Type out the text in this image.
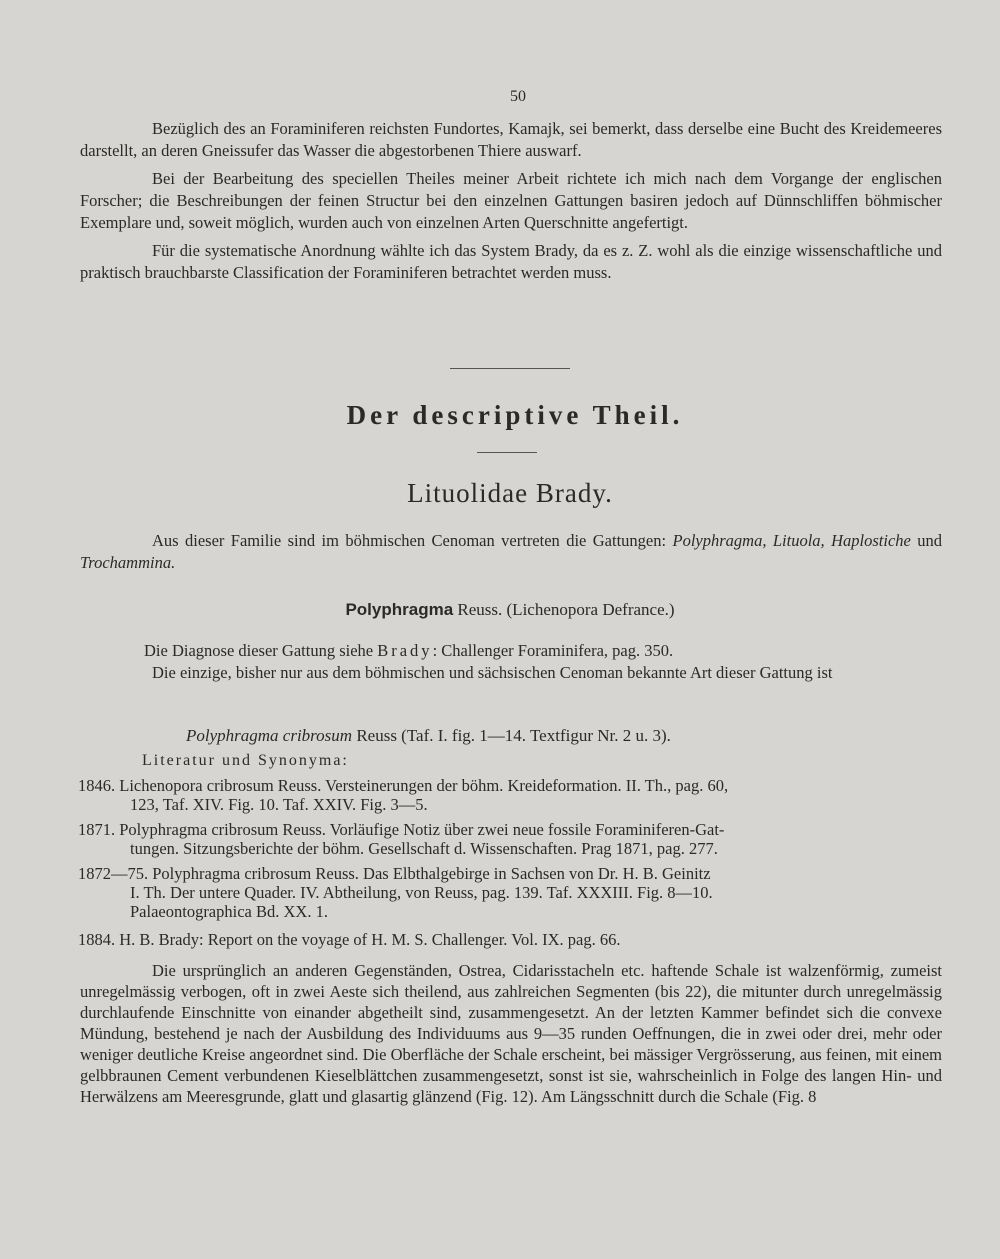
50

Bezüglich des an Foraminiferen reichsten Fundortes, Kamajk, sei bemerkt, dass derselbe eine Bucht des Kreidemeeres darstellt, an deren Gneissufer das Wasser die abgestorbenen Thiere auswarf.

Bei der Bearbeitung des speciellen Theiles meiner Arbeit richtete ich mich nach dem Vorgange der englischen Forscher; die Beschreibungen der feinen Structur bei den einzelnen Gattungen basiren jedoch auf Dünnschliffen böhmischer Exemplare und, soweit möglich, wurden auch von einzelnen Arten Querschnitte angefertigt.

Für die systematische Anordnung wählte ich das System Brady, da es z. Z. wohl als die einzige wissenschaftliche und praktisch brauchbarste Classification der Foraminiferen betrachtet werden muss.

Der descriptive Theil.
Lituolidae Brady.

Aus dieser Familie sind im böhmischen Cenoman vertreten die Gattungen: Polyphragma, Lituola, Haplostiche und Trochammina.

Polyphragma Reuss. (Lichenopora Defrance.)

Die Diagnose dieser Gattung siehe Brady: Challenger Foraminifera, pag. 350.

Die einzige, bisher nur aus dem böhmischen und sächsischen Cenoman bekannte Art dieser Gattung ist

Polyphragma cribrosum Reuss (Taf. I. fig. 1—14. Textfigur Nr. 2 u. 3).
Literatur und Synonyma:
1846. Lichenopora cribrosum Reuss. Versteinerungen der böhm. Kreideformation. II. Th., pag. 60,
123, Taf. XIV. Fig. 10. Taf. XXIV. Fig. 3—5.
1871. Polyphragma cribrosum Reuss. Vorläufige Notiz über zwei neue fossile Foraminiferen-Gat-
tungen. Sitzungsberichte der böhm. Gesellschaft d. Wissenschaften. Prag 1871, pag. 277.
1872—75. Polyphragma cribrosum Reuss. Das Elbthalgebirge in Sachsen von Dr. H. B. Geinitz
I. Th. Der untere Quader. IV. Abtheilung, von Reuss, pag. 139. Taf. XXXIII. Fig. 8—10.
Palaeontographica Bd. XX. 1.
1884. H. B. Brady: Report on the voyage of H. M. S. Challenger. Vol. IX. pag. 66.

Die ursprünglich an anderen Gegenständen, Ostrea, Cidarisstacheln etc. haftende Schale ist walzenförmig, zumeist unregelmässig verbogen, oft in zwei Aeste sich theilend, aus zahlreichen Segmenten (bis 22), die mitunter durch unregelmässig durchlaufende Einschnitte von einander abgetheilt sind, zusammengesetzt. An der letzten Kammer befindet sich die convexe Mündung, bestehend je nach der Ausbildung des Individuums aus 9—35 runden Oeffnungen, die in zwei oder drei, mehr oder weniger deutliche Kreise angeordnet sind. Die Oberfläche der Schale erscheint, bei mässiger Vergrösserung, aus feinen, mit einem gelbbraunen Cement verbundenen Kieselblättchen zusammengesetzt, sonst ist sie, wahrscheinlich in Folge des langen Hin- und Herwälzens am Meeresgrunde, glatt und glasartig glänzend (Fig. 12). Am Längsschnitt durch die Schale (Fig. 8
